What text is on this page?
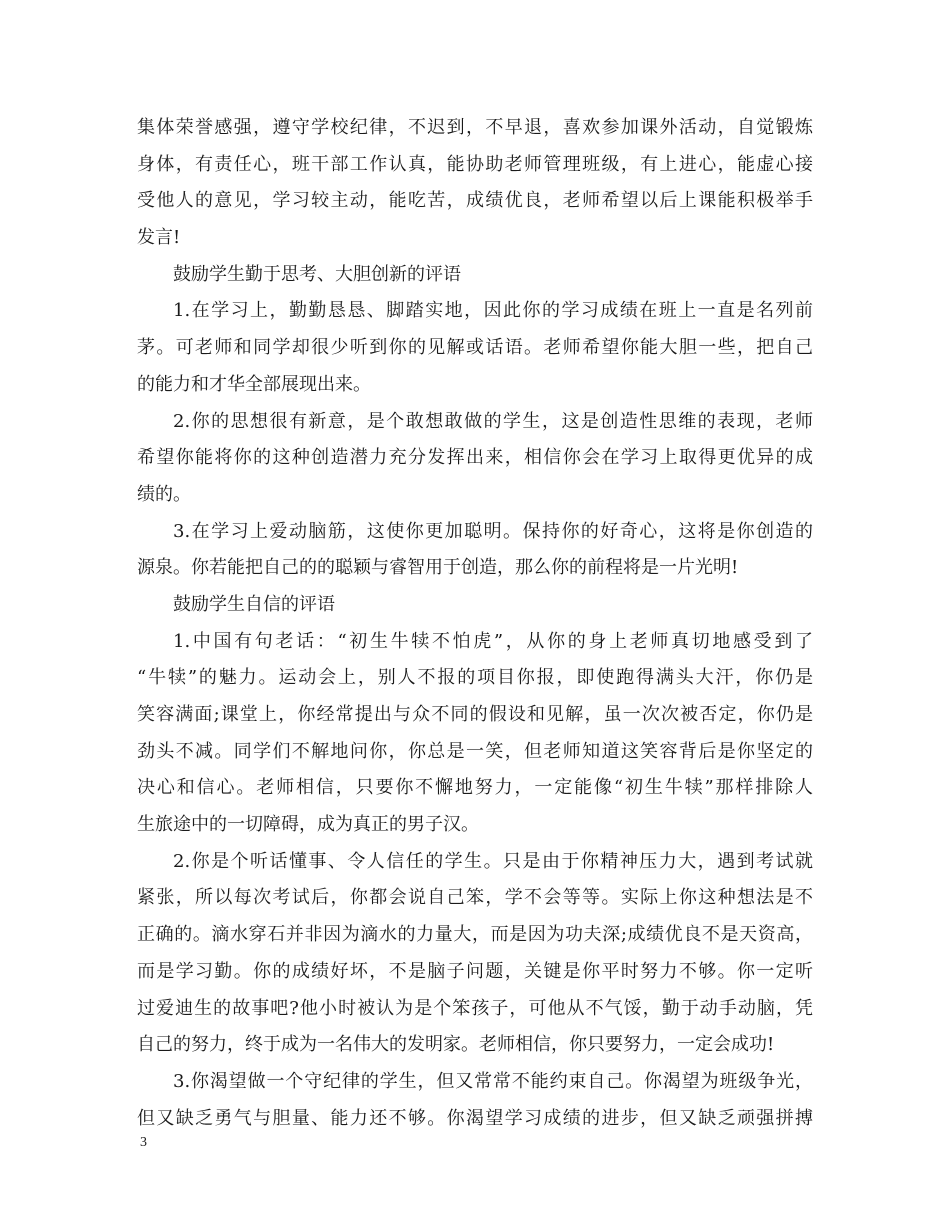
集体荣誉感强，遵守学校纪律，不迟到，不早退，喜欢参加课外活动，自觉锻炼
身体，有责任心，班干部工作认真，能协助老师管理班级，有上进心，能虚心接
受他人的意见，学习较主动，能吃苦，成绩优良，老师希望以后上课能积极举手
发言!
鼓励学生勤于思考、大胆创新的评语
1.在学习上，勤勤恳恳、脚踏实地，因此你的学习成绩在班上一直是名列前
茅。可老师和同学却很少听到你的见解或话语。老师希望你能大胆一些，把自己
的能力和才华全部展现出来。
2.你的思想很有新意，是个敢想敢做的学生，这是创造性思维的表现，老师
希望你能将你的这种创造潜力充分发挥出来，相信你会在学习上取得更优异的成
绩的。
3.在学习上爱动脑筋，这使你更加聪明。保持你的好奇心，这将是你创造的
源泉。你若能把自己的的聪颖与睿智用于创造，那么你的前程将是一片光明!
鼓励学生自信的评语
1.中国有句老话：“初生牛犊不怕虎”，从你的身上老师真切地感受到了
“牛犊”的魅力。运动会上，别人不报的项目你报，即使跑得满头大汗，你仍是
笑容满面;课堂上，你经常提出与众不同的假设和见解，虽一次次被否定，你仍是
劲头不减。同学们不解地问你，你总是一笑，但老师知道这笑容背后是你坚定的
决心和信心。老师相信，只要你不懈地努力，一定能像“初生牛犊”那样排除人
生旅途中的一切障碍，成为真正的男子汉。
2.你是个听话懂事、令人信任的学生。只是由于你精神压力大，遇到考试就
紧张，所以每次考试后，你都会说自己笨，学不会等等。实际上你这种想法是不
正确的。滴水穿石并非因为滴水的力量大，而是因为功夫深;成绩优良不是天资高，
而是学习勤。你的成绩好坏，不是脑子问题，关键是你平时努力不够。你一定听
过爱迪生的故事吧?他小时被认为是个笨孩子，可他从不气馁，勤于动手动脑，凭
自己的努力，终于成为一名伟大的发明家。老师相信，你只要努力，一定会成功!
3.你渴望做一个守纪律的学生，但又常常不能约束自己。你渴望为班级争光，
但又缺乏勇气与胆量、能力还不够。你渴望学习成绩的进步，但又缺乏顽强拼搏
3
